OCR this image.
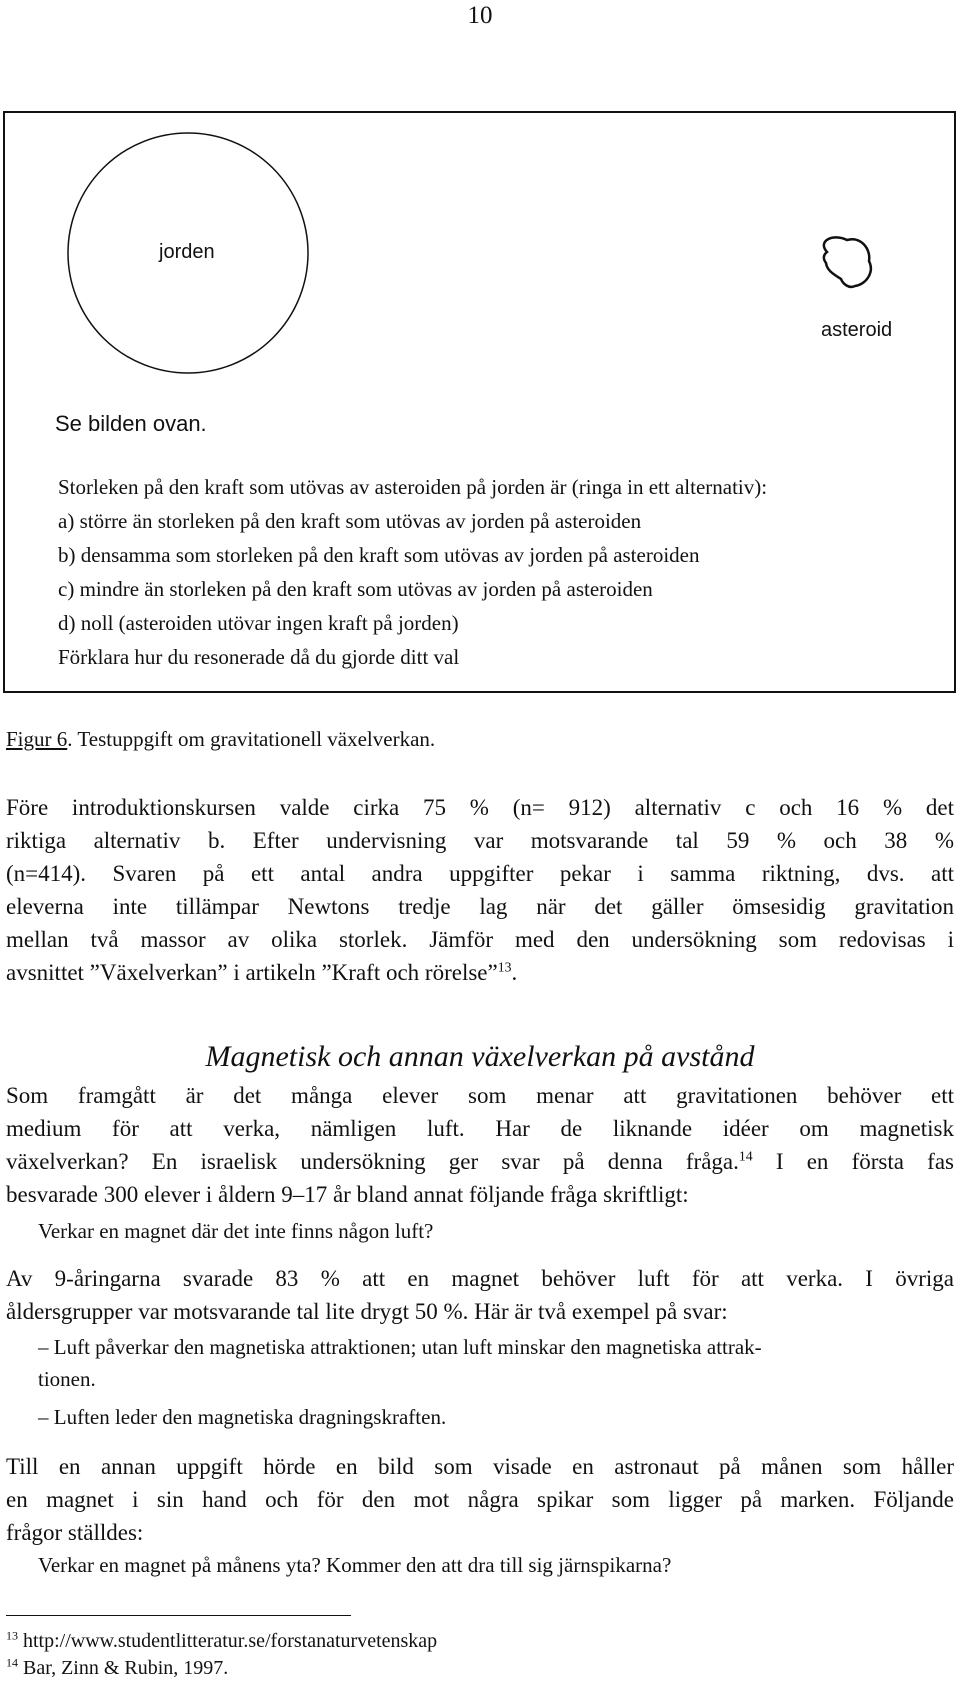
10
jorden
asteroid
Se bilden ovan.
Storleken på den kraft som utövas av asteroiden på jorden är (ringa in ett alternativ):
a) större än storleken på den kraft som utövas av jorden på asteroiden
b) densamma som storleken på den kraft som utövas av jorden på asteroiden
c) mindre än storleken på den kraft som utövas av jorden på asteroiden
d) noll (asteroiden utövar ingen kraft på jorden)
Förklara hur du resonerade då du gjorde ditt val
Figur 6. Testuppgift om gravitationell växelverkan.
Före introduktionskursen valde cirka 75 % (n= 912) alternativ c och 16 % det
riktiga alternativ b. Efter undervisning var motsvarande tal 59 % och 38 %
(n=414). Svaren på ett antal andra uppgifter pekar i samma riktning, dvs. att
eleverna inte tillämpar Newtons tredje lag när det gäller ömsesidig gravitation
mellan två massor av olika storlek. Jämför med den undersökning som redovisas i
avsnittet ”Växelverkan” i artikeln ”Kraft och rörelse”$^{13}$.
Magnetisk och annan växelverkan på avstånd
Som framgått är det många elever som menar att gravitationen behöver ett
medium för att verka, nämligen luft. Har de liknande idéer om magnetisk
växelverkan? En israelisk undersökning ger svar på denna fråga.$^{14}$ I en första fas
besvarade 300 elever i åldern 9–17 år bland annat följande fråga skriftligt:
Verkar en magnet där det inte finns någon luft?
Av 9-åringarna svarade 83 % att en magnet behöver luft för att verka. I övriga
åldersgrupper var motsvarande tal lite drygt 50 %. Här är två exempel på svar:
– Luft påverkar den magnetiska attraktionen; utan luft minskar den magnetiska attrak-
tionen.
– Luften leder den magnetiska dragningskraften.
Till en annan uppgift hörde en bild som visade en astronaut på månen som håller
en magnet i sin hand och för den mot några spikar som ligger på marken. Följande
frågor ställdes:
Verkar en magnet på månens yta? Kommer den att dra till sig järnspikarna?
$^{13}$ http://www.studentlitteratur.se/forstanaturvetenskap
$^{14}$ Bar, Zinn & Rubin, 1997.
